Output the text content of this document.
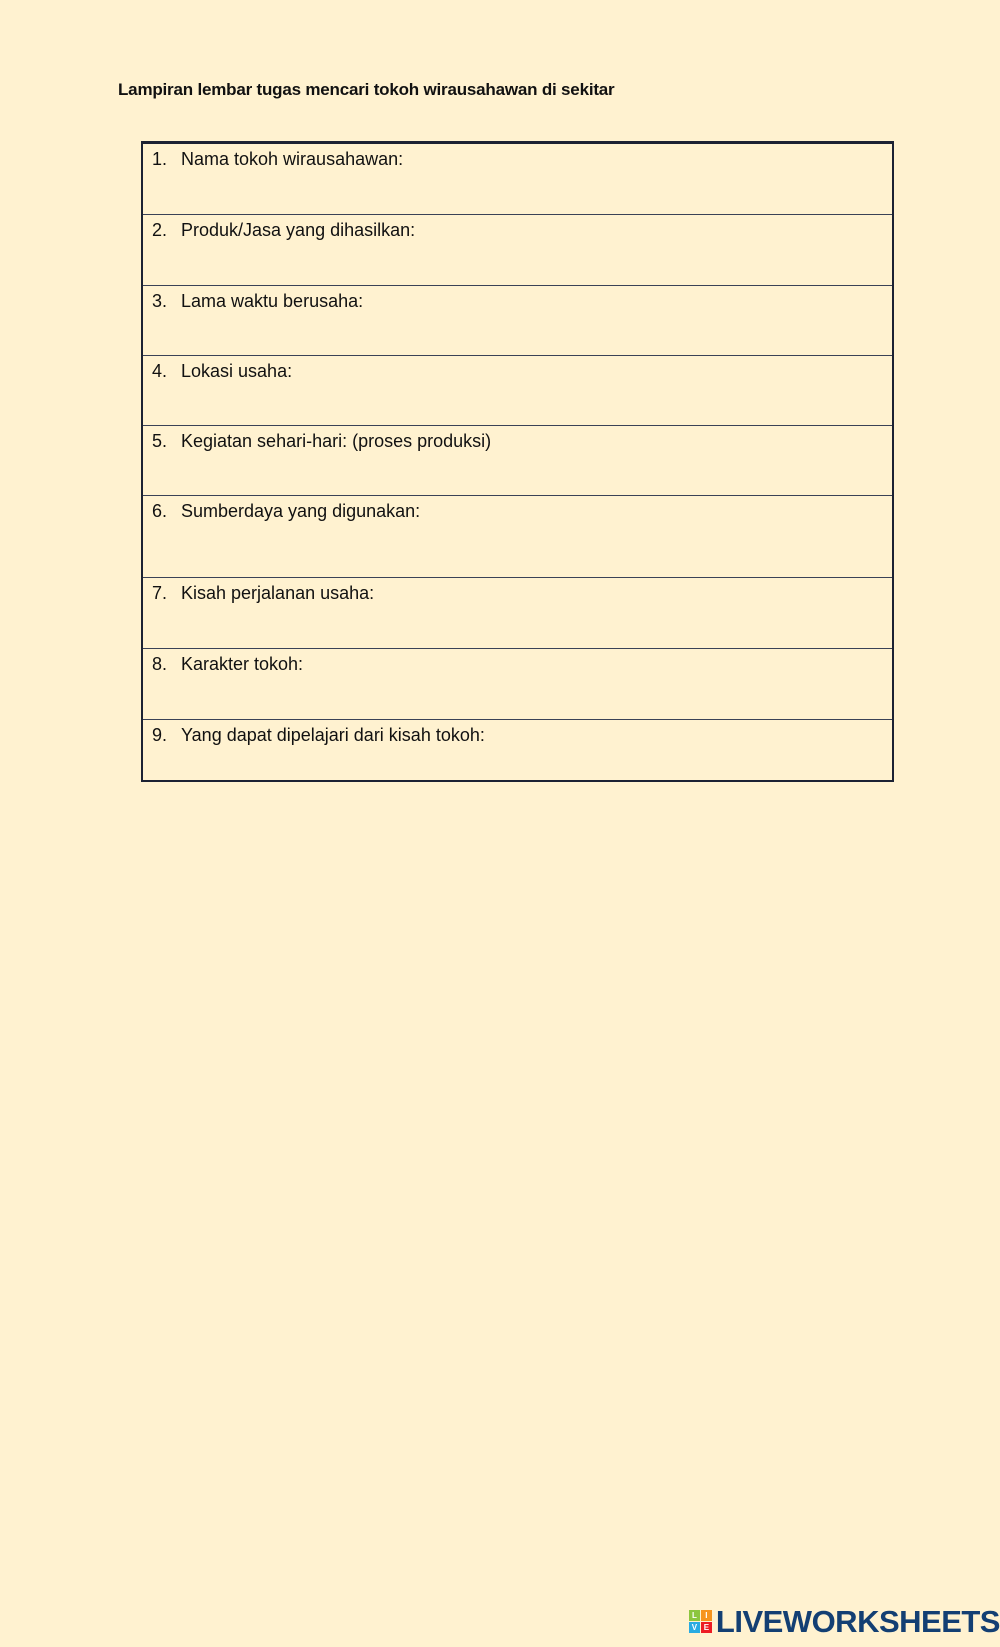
Lampiran lembar tugas mencari tokoh wirausahawan di sekitar
1. Nama tokoh wirausahawan:
2. Produk/Jasa yang dihasilkan:
3. Lama waktu berusaha:
4. Lokasi usaha:
5. Kegiatan sehari-hari: (proses produksi)
6. Sumberdaya yang digunakan:
7. Kisah perjalanan usaha:
8. Karakter tokoh:
9. Yang dapat dipelajari dari kisah tokoh:
L	I
V E LIVEWORKSHEETS
